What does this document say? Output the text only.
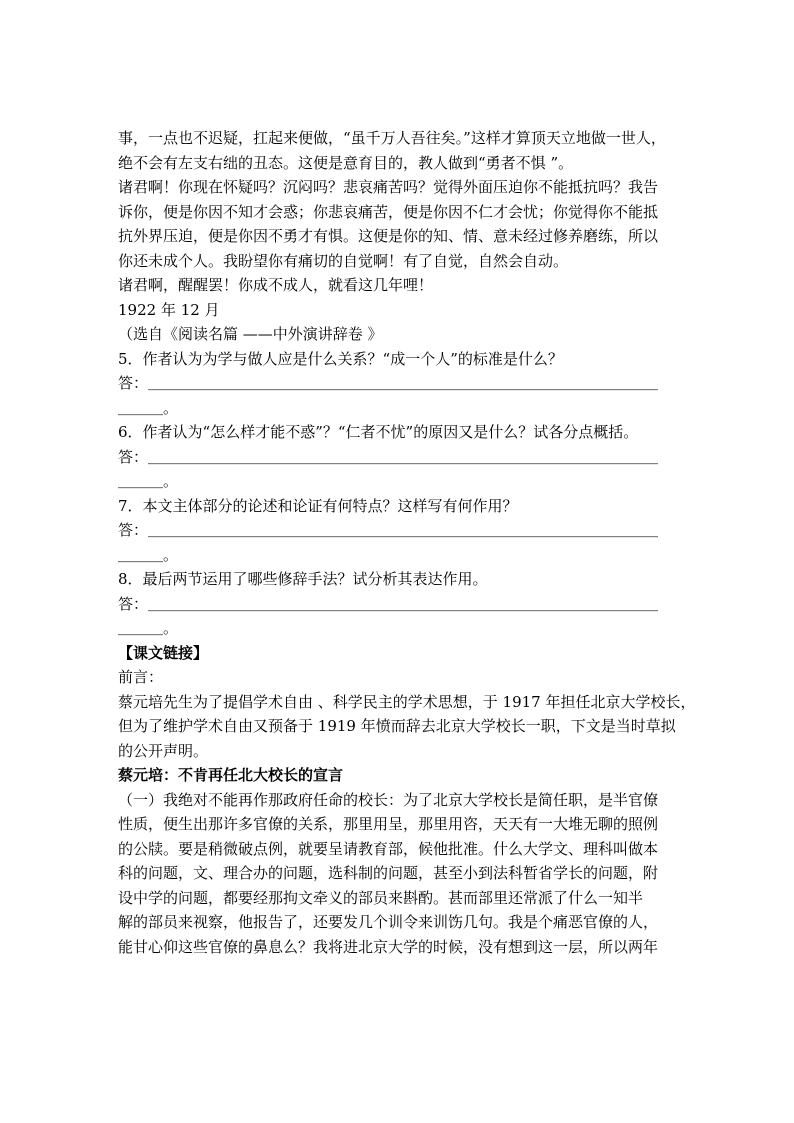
事，一点也不迟疑，扛起来便做，“虽千万人吾往矣。”这样才算顶天立地做一世人，
绝不会有左支右绌的丑态。这便是意育目的，教人做到“勇者不惧 ”。
诸君啊！你现在怀疑吗？沉闷吗？悲哀痛苦吗？觉得外面压迫你不能抵抗吗？我告
诉你，便是你因不知才会惑；你悲哀痛苦，便是你因不仁才会忧；你觉得你不能抵
抗外界压迫，便是你因不勇才有惧。这便是你的知、情、意未经过修养磨练，所以
你还未成个人。我盼望你有痛切的自觉啊！有了自觉，自然会自动。
诸君啊，醒醒罢！你成不成人，就看这几年哩！
1922 年 12 月
（选自《阅读名篇 ——中外演讲辞卷 》
5．作者认为为学与做人应是什么关系？“成一个人”的标准是什么？
答：＿＿＿＿＿＿＿＿＿＿＿＿＿＿＿＿＿＿＿＿＿＿＿＿＿＿＿＿＿＿＿＿＿＿
＿＿＿。
6．作者认为“怎么样才能不惑”？“仁者不忧”的原因又是什么？试各分点概括。
答：＿＿＿＿＿＿＿＿＿＿＿＿＿＿＿＿＿＿＿＿＿＿＿＿＿＿＿＿＿＿＿＿＿＿
＿＿＿。
7．本文主体部分的论述和论证有何特点？这样写有何作用？
答：＿＿＿＿＿＿＿＿＿＿＿＿＿＿＿＿＿＿＿＿＿＿＿＿＿＿＿＿＿＿＿＿＿＿
＿＿＿。
8．最后两节运用了哪些修辞手法？试分析其表达作用。
答：＿＿＿＿＿＿＿＿＿＿＿＿＿＿＿＿＿＿＿＿＿＿＿＿＿＿＿＿＿＿＿＿＿＿
＿＿＿。
【课文链接】
前言：
蔡元培先生为了提倡学术自由 、科学民主的学术思想，于 1917 年担任北京大学校长，
但为了维护学术自由又预备于 1919 年愤而辞去北京大学校长一职，下文是当时草拟
的公开声明。
蔡元培：不肯再任北大校长的宣言
（一）我绝对不能再作那政府任命的校长：为了北京大学校长是简任职，是半官僚
性质，便生出那许多官僚的关系，那里用呈，那里用咨，天天有一大堆无聊的照例
的公牍。要是稍微破点例，就要呈请教育部，候他批准。什么大学文、理科叫做本
科的问题，文、理合办的问题，选科制的问题，甚至小到法科暂省学长的问题，附
设中学的问题，都要经那拘文牵义的部员来斟酌。甚而部里还常派了什么一知半
解的部员来视察，他报告了，还要发几个训令来训饬几句。我是个痛恶官僚的人，
能甘心仰这些官僚的鼻息么？我将进北京大学的时候，没有想到这一层，所以两年
